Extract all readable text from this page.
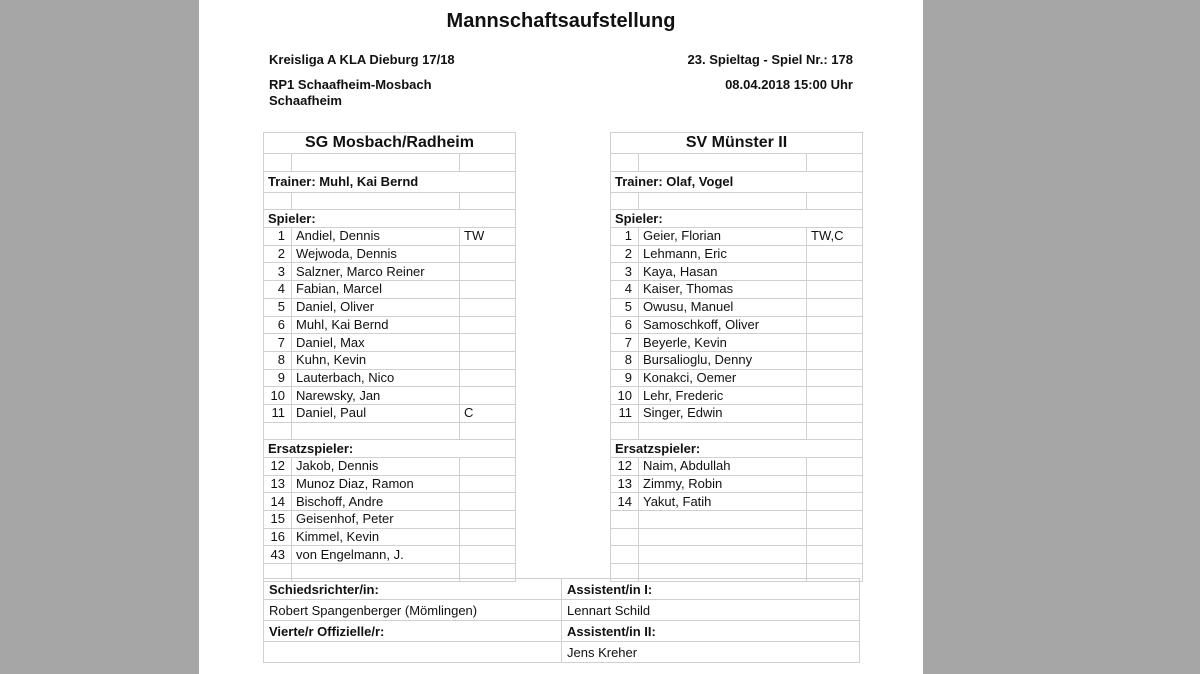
Mannschaftsaufstellung
Kreisliga A KLA Dieburg 17/18	23. Spieltag - Spiel Nr.: 178
RP1 Schaafheim-Mosbach
Schaafheim
08.04.2018 15:00 Uhr
SG Mosbach/Radheim		

Trainer: Muhl, Kai Bernd		

Spieler:		
1	Andiel, Dennis	TW
2	Wejwoda, Dennis	
3	Salzner, Marco Reiner	
4	Fabian, Marcel	
5	Daniel, Oliver	
6	Muhl, Kai Bernd	
7	Daniel, Max	
8	Kuhn, Kevin	
9	Lauterbach, Nico	
10	Narewsky, Jan	
11	Daniel, Paul	C

Ersatzspieler:		
12	Jakob, Dennis	
13	Munoz Diaz, Ramon	
14	Bischoff, Andre	
15	Geisenhof, Peter	
16	Kimmel, Kevin	
43	von Engelmann, J.	

SV Münster II		

Trainer: Olaf, Vogel		

Spieler:		
1	Geier, Florian	TW,C
2	Lehmann, Eric	
3	Kaya, Hasan	
4	Kaiser, Thomas	
5	Owusu, Manuel	
6	Samoschkoff, Oliver	
7	Beyerle, Kevin	
8	Bursalioglu, Denny	
9	Konakci, Oemer	
10	Lehr, Frederic	
11	Singer, Edwin	

Ersatzspieler:		
12	Naim, Abdullah	
13	Zimmy, Robin	
14	Yakut, Fatih	

Schiedsrichter/in:	Assistent/in I:
Robert Spangenberger (Mömlingen)	Lennart Schild
Vierte/r Offizielle/r:	Assistent/in II:
	Jens Kreher
